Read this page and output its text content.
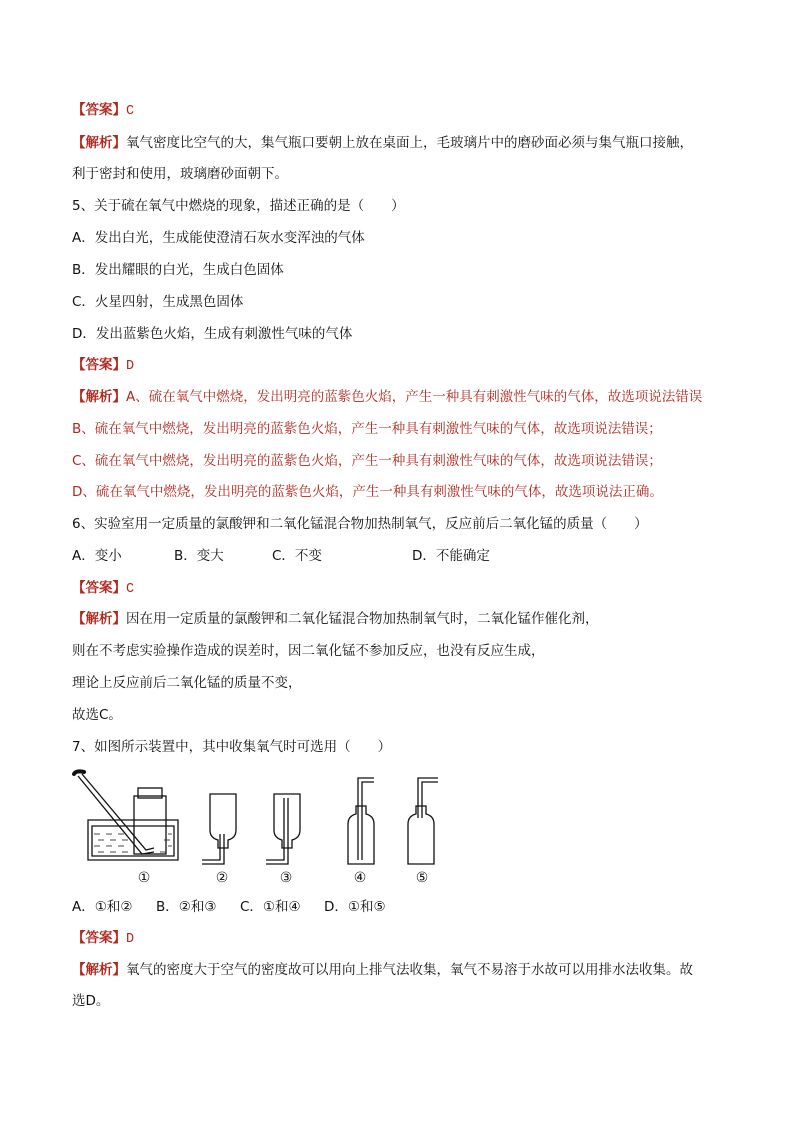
【答案】C
【解析】氧气密度比空气的大，集气瓶口要朝上放在桌面上，毛玻璃片中的磨砂面必须与集气瓶口接触，
利于密封和使用，玻璃磨砂面朝下。
5、关于硫在氧气中燃烧的现象，描述正确的是（　　）
A．发出白光，生成能使澄清石灰水变浑浊的气体
B．发出耀眼的白光，生成白色固体
C．火星四射，生成黑色固体
D．发出蓝紫色火焰，生成有刺激性气味的气体
【答案】D
【解析】A、硫在氧气中燃烧，发出明亮的蓝紫色火焰，产生一种具有刺激性气味的气体，故选项说法错误
B、硫在氧气中燃烧，发出明亮的蓝紫色火焰，产生一种具有刺激性气味的气体，故选项说法错误；
C、硫在氧气中燃烧，发出明亮的蓝紫色火焰，产生一种具有刺激性气味的气体，故选项说法错误；
D、硫在氧气中燃烧，发出明亮的蓝紫色火焰，产生一种具有刺激性气味的气体，故选项说法正确。
6、实验室用一定质量的氯酸钾和二氧化锰混合物加热制氧气，反应前后二氧化锰的质量（　　）
A．变小	B．变大	C．不变	D．不能确定
【答案】C
【解析】因在用一定质量的氯酸钾和二氧化锰混合物加热制氧气时，二氧化锰作催化剂，
则在不考虑实验操作造成的误差时，因二氧化锰不参加反应，也没有反应生成，
理论上反应前后二氧化锰的质量不变，
故选C。
7、如图所示装置中，其中收集氧气时可选用（　　）
①	②	③	④	⑤
A．①和② B．②和③ C．①和④ D．①和⑤
【答案】D
【解析】氧气的密度大于空气的密度故可以用向上排气法收集，氧气不易溶于水故可以用排水法收集。故
选D。
